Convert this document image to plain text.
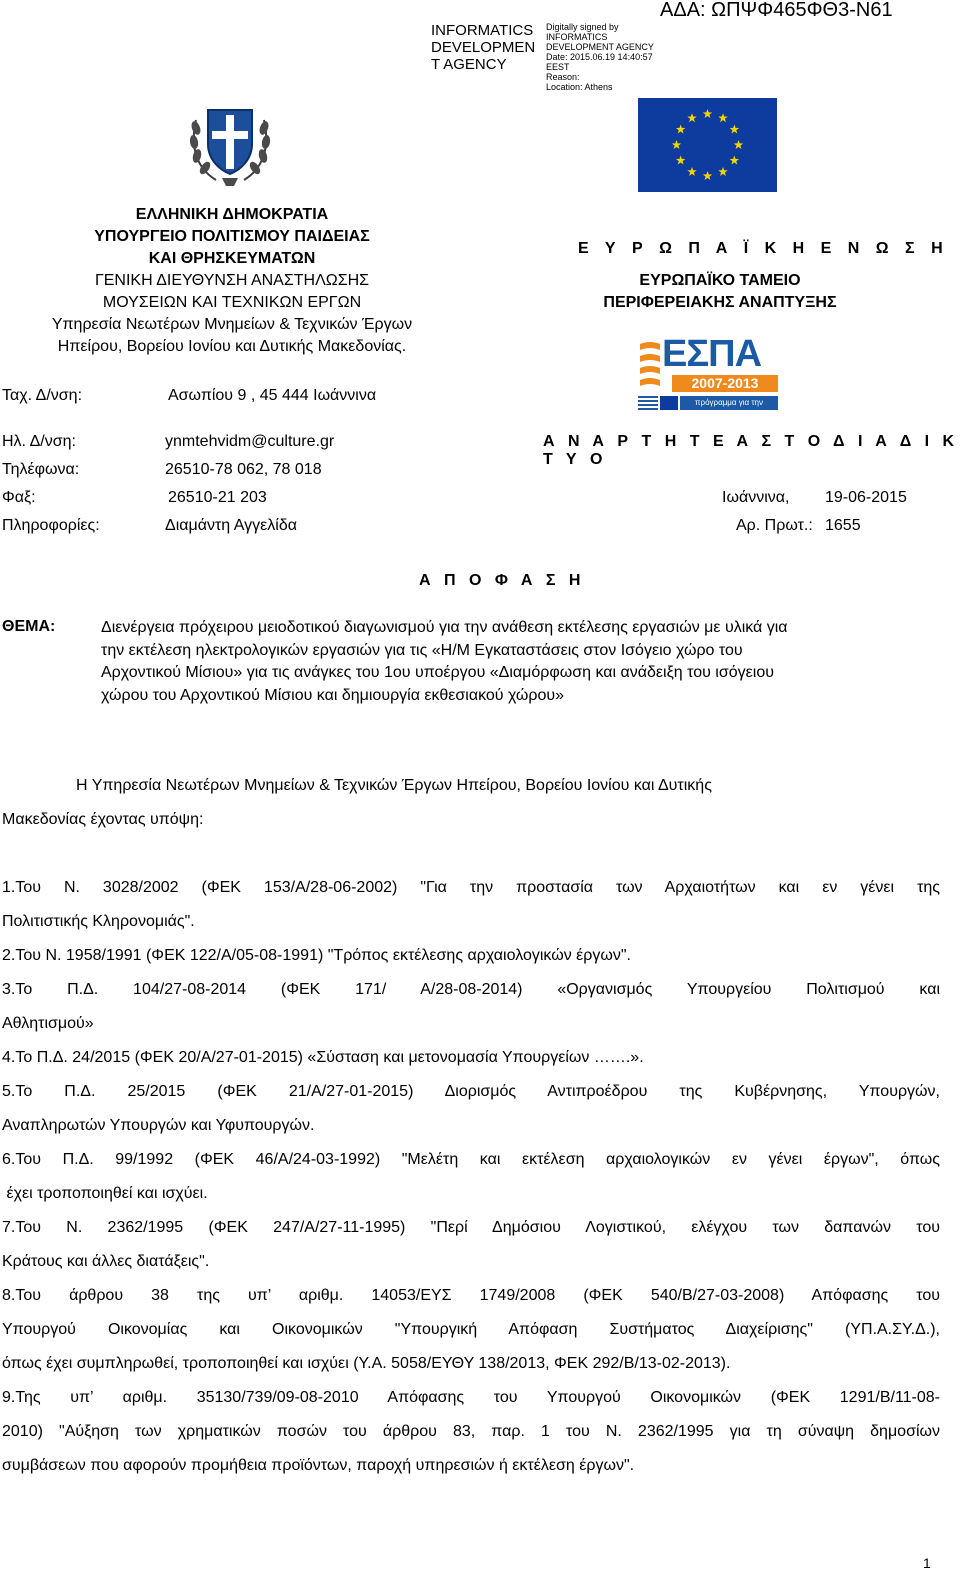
INFORMATICS
DEVELOPMEN
T AGENCY
Digitally signed by
INFORMATICS
DEVELOPMENT AGENCY
Date: 2015.06.19 14:40:57
EEST
Reason:
Location: Athens
ΑΔΑ: ΩΠΨΦ465ΦΘ3-Ν61
ΕΛΛΗΝΙΚΗ ΔΗΜΟΚΡΑΤΙΑ
ΥΠΟΥΡΓΕΙΟ ΠΟΛΙΤΙΣΜΟΥ ΠΑΙΔΕΙΑΣ
ΚΑΙ ΘΡΗΣΚΕΥΜΑΤΩΝ
ΓΕΝΙΚΗ ΔΙΕΥΘΥΝΣΗ ΑΝΑΣΤΗΛΩΣΗΣ
ΜΟΥΣΕΙΩΝ ΚΑΙ ΤΕΧΝΙΚΩΝ ΕΡΓΩΝ
Υπηρεσία Νεωτέρων Μνημείων & Τεχνικών Έργων
Ηπείρου, Βορείου Ιονίου και Δυτικής Μακεδονίας.
Ε Υ Ρ Ω Π Α Ϊ Κ Η Ε Ν Ω Σ Η
ΕΥΡΩΠΑΪΚΟ ΤΑΜΕΙΟ
ΠΕΡΙΦΕΡΕΙΑΚΗΣ ΑΝΑΠΤΥΞΗΣ
ΕΣΠΑ
2007-2013
πρόγραμμα για την ανάπτυξη
Ταχ. Δ/νση:	Ασωπίου 9 , 45 444 Ιωάννινα
Ηλ. Δ/νση:	ynmtehvidm@culture.gr	Α Ν Α Ρ Τ Η Τ Ε Α Σ Τ Ο Δ Ι Α Δ Ι Κ Τ Υ Ο
Τηλέφωνα:	26510-78 062, 78 018
Φαξ:	26510-21 203	Ιωάννινα, 19-06-2015
Πληροφορίες:	Διαμάντη Αγγελίδα	Αρ. Πρωτ.: 1655
Α Π Ο Φ Α Σ Η
ΘΕΜΑ:	Διενέργεια πρόχειρου μειοδοτικού διαγωνισμού για την ανάθεση εκτέλεσης εργασιών με υλικά για
την εκτέλεση ηλεκτρολογικών εργασιών για τις «Η/Μ Εγκαταστάσεις στον Ισόγειο χώρο του
Αρχοντικού Μίσιου» για τις ανάγκες του 1ου υποέργου «Διαμόρφωση και ανάδειξη του ισόγειου
χώρου του Αρχοντικού Μίσιου και δημιουργία εκθεσιακού χώρου»
Η Υπηρεσία Νεωτέρων Μνημείων & Τεχνικών Έργων Ηπείρου, Βορείου Ιονίου και Δυτικής
Μακεδονίας έχοντας υπόψη:
1.Του Ν. 3028/2002 (ΦΕΚ 153/Α/28-06-2002) "Για την προστασία των Αρχαιοτήτων και εν γένει της
Πολιτιστικής Κληρονομιάς".
2.Του Ν. 1958/1991 (ΦΕΚ 122/Α/05-08-1991) "Τρόπος εκτέλεσης αρχαιολογικών έργων".
3.Το Π.Δ. 104/27-08-2014 (ΦΕΚ 171/ Α/28-08-2014) «Οργανισμός Υπουργείου Πολιτισμού και
Αθλητισμού»
4.Το Π.Δ. 24/2015 (ΦΕΚ 20/Α/27-01-2015) «Σύσταση και μετονομασία Υπουργείων …….».
5.Το Π.Δ. 25/2015 (ΦΕΚ 21/Α/27-01-2015) Διορισμός Αντιπροέδρου της Κυβέρνησης, Υπουργών,
Αναπληρωτών Υπουργών και Υφυπουργών.
6.Του Π.Δ. 99/1992 (ΦΕΚ 46/Α/24-03-1992) "Μελέτη και εκτέλεση αρχαιολογικών εν γένει έργων", όπως
έχει τροποποιηθεί και ισχύει.
7.Του Ν. 2362/1995 (ΦΕΚ 247/Α/27-11-1995) "Περί Δημόσιου Λογιστικού, ελέγχου των δαπανών του
Κράτους και άλλες διατάξεις".
8.Του άρθρου 38 της υπ’ αριθμ. 14053/ΕΥΣ 1749/2008 (ΦΕΚ 540/Β/27-03-2008) Απόφασης του
Υπουργού Οικονομίας και Οικονομικών "Υπουργική Απόφαση Συστήματος Διαχείρισης" (ΥΠ.Α.ΣΥ.Δ.),
όπως έχει συμπληρωθεί, τροποποιηθεί και ισχύει (Υ.Α. 5058/ΕΥΘΥ 138/2013, ΦΕΚ 292/Β/13-02-2013).
9.Της υπ’ αριθμ. 35130/739/09-08-2010 Απόφασης του Υπουργού Οικονομικών (ΦΕΚ 1291/Β/11-08-
2010) "Αύξηση των χρηματικών ποσών του άρθρου 83, παρ. 1 του Ν. 2362/1995 για τη σύναψη δημοσίων
συμβάσεων που αφορούν προμήθεια προϊόντων, παροχή υπηρεσιών ή εκτέλεση έργων".
1
